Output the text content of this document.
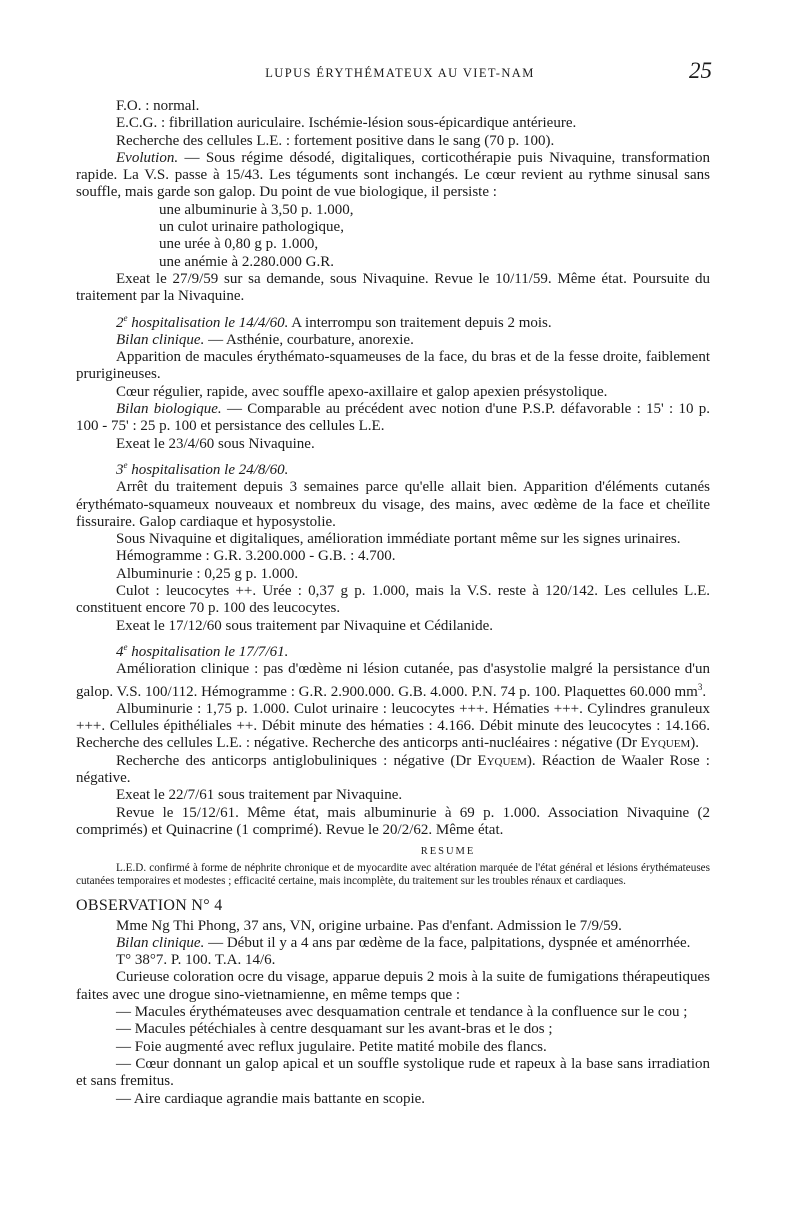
LUPUS ÉRYTHÉMATEUX AU VIET-NAM	25

F.O. : normal.

E.C.G. : fibrillation auriculaire. Ischémie-lésion sous-épicardique antérieure.

Recherche des cellules L.E. : fortement positive dans le sang (70 p. 100).

Evolution. — Sous régime désodé, digitaliques, corticothérapie puis Nivaquine, transformation rapide. La V.S. passe à 15/43. Les téguments sont inchangés. Le cœur revient au rythme sinusal sans souffle, mais garde son galop. Du point de vue biologique, il persiste :

une albuminurie à 3,50 p. 1.000,

un culot urinaire pathologique,

une urée à 0,80 g p. 1.000,

une anémie à 2.280.000 G.R.

Exeat le 27/9/59 sur sa demande, sous Nivaquine. Revue le 10/11/59. Même état. Poursuite du traitement par la Nivaquine.

2e hospitalisation le 14/4/60. A interrompu son traitement depuis 2 mois.

Bilan clinique. — Asthénie, courbature, anorexie.

Apparition de macules érythémato-squameuses de la face, du bras et de la fesse droite, faiblement prurigineuses.

Cœur régulier, rapide, avec souffle apexo-axillaire et galop apexien présystolique.

Bilan biologique. — Comparable au précédent avec notion d'une P.S.P. défavorable : 15' : 10 p. 100 - 75' : 25 p. 100 et persistance des cellules L.E.

Exeat le 23/4/60 sous Nivaquine.

3e hospitalisation le 24/8/60.

Arrêt du traitement depuis 3 semaines parce qu'elle allait bien. Apparition d'éléments cutanés érythémato-squameux nouveaux et nombreux du visage, des mains, avec œdème de la face et cheïlite fissuraire. Galop cardiaque et hyposystolie.

Sous Nivaquine et digitaliques, amélioration immédiate portant même sur les signes urinaires.

Hémogramme : G.R. 3.200.000 - G.B. : 4.700.

Albuminurie : 0,25 g p. 1.000.

Culot : leucocytes ++. Urée : 0,37 g p. 1.000, mais la V.S. reste à 120/142. Les cellules L.E. constituent encore 70 p. 100 des leucocytes.

Exeat le 17/12/60 sous traitement par Nivaquine et Cédilanide.

4e hospitalisation le 17/7/61.

Amélioration clinique : pas d'œdème ni lésion cutanée, pas d'asystolie malgré la persistance d'un galop. V.S. 100/112. Hémogramme : G.R. 2.900.000. G.B. 4.000. P.N. 74 p. 100. Plaquettes 60.000 $mm^3$.

Albuminurie : 1,75 p. 1.000. Culot urinaire : leucocytes +++. Hématies +++. Cylindres granuleux +++. Cellules épithéliales ++. Débit minute des hématies : 4.166. Débit minute des leucocytes : 14.166. Recherche des cellules L.E. : négative. Recherche des anticorps anti-nucléaires : négative (Dr Eyquem).

Recherche des anticorps antiglobuliniques : négative (Dr Eyquem). Réaction de Waaler Rose : négative.

Exeat le 22/7/61 sous traitement par Nivaquine.

Revue le 15/12/61. Même état, mais albuminurie à 69 p. 1.000. Association Nivaquine (2 comprimés) et Quinacrine (1 comprimé). Revue le 20/2/62. Même état.

RESUME

L.E.D. confirmé à forme de néphrite chronique et de myocardite avec altération marquée de l'état général et lésions érythémateuses cutanées temporaires et modestes ; efficacité certaine, mais incomplète, du traitement sur les troubles rénaux et cardiaques.

OBSERVATION N° 4

Mme Ng Thi Phong, 37 ans, VN, origine urbaine. Pas d'enfant. Admission le 7/9/59.

Bilan clinique. — Début il y a 4 ans par œdème de la face, palpitations, dyspnée et aménorrhée.

T° 38°7. P. 100. T.A. 14/6.

Curieuse coloration ocre du visage, apparue depuis 2 mois à la suite de fumigations thérapeutiques faites avec une drogue sino-vietnamienne, en même temps que :

— Macules érythémateuses avec desquamation centrale et tendance à la confluence sur le cou ;

— Macules pétéchiales à centre desquamant sur les avant-bras et le dos ;

— Foie augmenté avec reflux jugulaire. Petite matité mobile des flancs.

— Cœur donnant un galop apical et un souffle systolique rude et rapeux à la base sans irradiation et sans fremitus.

— Aire cardiaque agrandie mais battante en scopie.
